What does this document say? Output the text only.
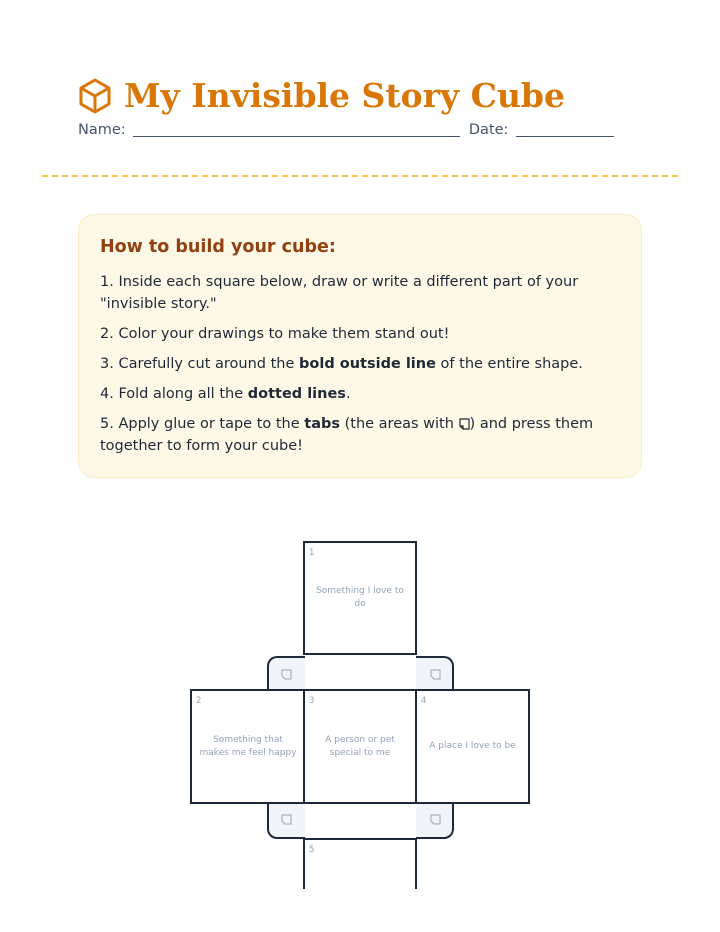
My Invisible Story Cube
Name:	Date:
How to build your cube:

1. Inside each square below, draw or write a different part of your "invisible story."

2. Color your drawings to make them stand out!

3. Carefully cut around the bold outside line of the entire shape.

4. Fold along all the dotted lines.

5. Apply glue or tape to the tabs (the areas with ) and press them together to form your cube!

1
Something I love to do
2
Something that makes me feel happy
3
A person or pet special to me
4
A place I love to be
5
